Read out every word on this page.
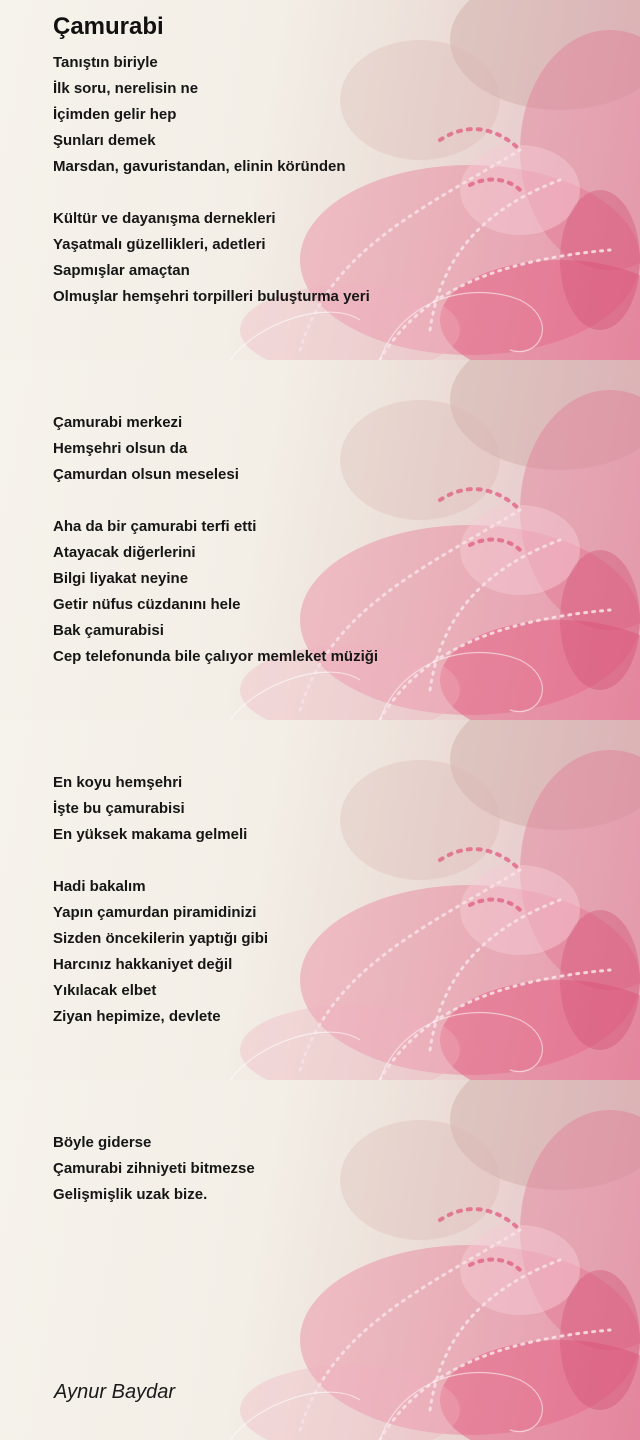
Çamurabi
Tanıştın biriyle
İlk soru, nerelisin ne
İçimden gelir hep
Şunları demek
Marsdan, gavuristandan, elinin köründen
Kültür ve dayanışma dernekleri
Yaşatmalı güzellikleri, adetleri
Sapmışlar amaçtan
Olmuşlar hemşehri torpilleri buluşturma yeri
Çamurabi merkezi
Hemşehri olsun da
Çamurdan olsun meselesi
Aha da bir çamurabi terfi etti
Atayacak diğerlerini
Bilgi liyakat neyine
Getir nüfus cüzdanını hele
Bak çamurabisi
Cep telefonunda bile çalıyor memleket müziği
En koyu hemşehri
İşte bu çamurabisi
En yüksek makama gelmeli
Hadi bakalım
Yapın çamurdan piramidinizi
Sizden öncekilerin yaptığı gibi
Harcınız hakkaniyet değil
Yıkılacak elbet
Ziyan hepimize, devlete
Böyle giderse
Çamurabi zihniyeti bitmezse
Gelişmişlik uzak bize.
Aynur Baydar
